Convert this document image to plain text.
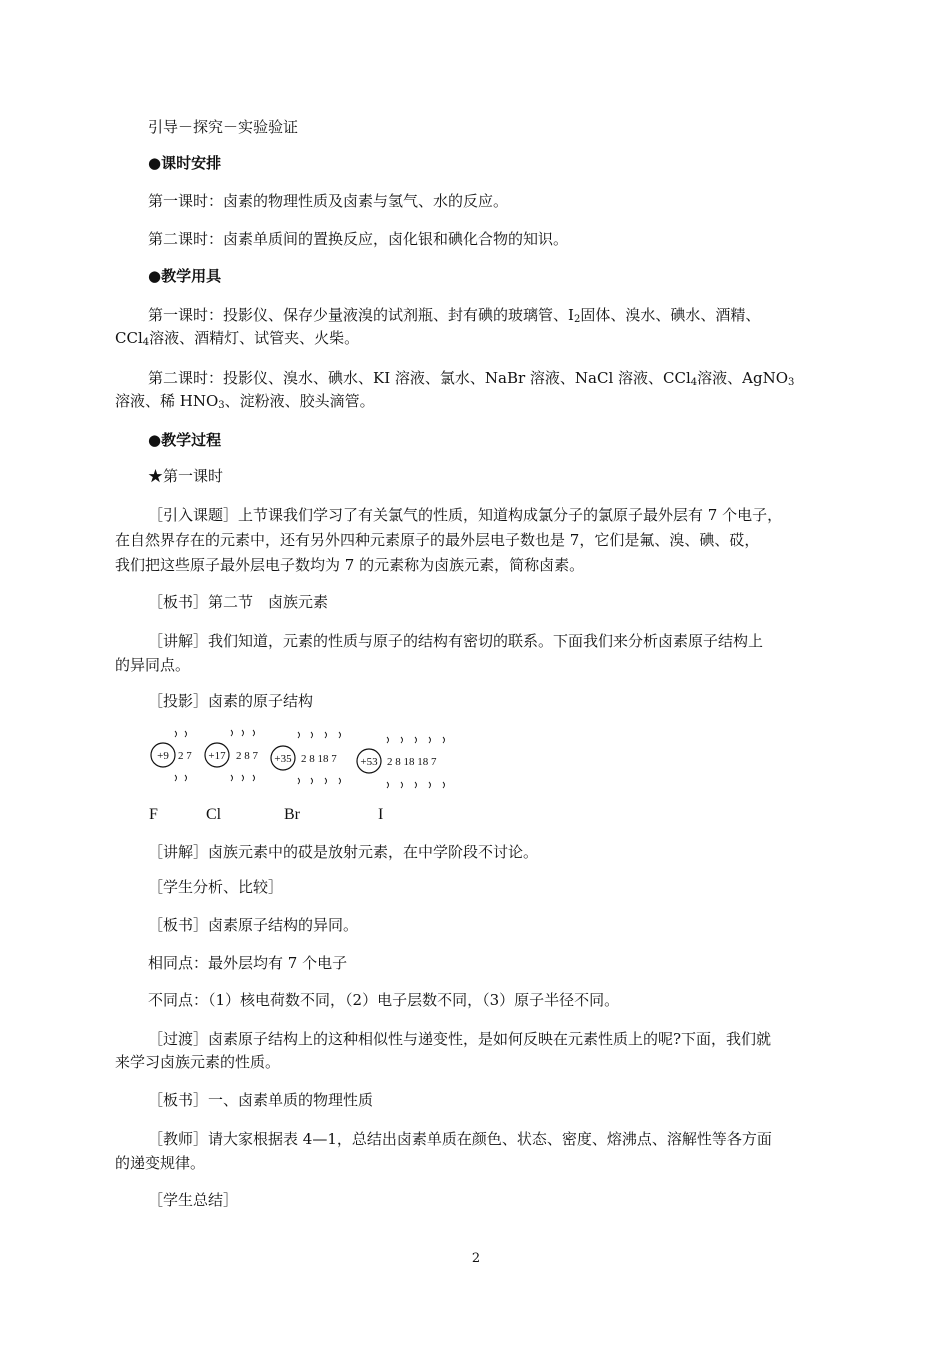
引导－探究－实验验证
●课时安排
第一课时：卤素的物理性质及卤素与氢气、水的反应。
第二课时：卤素单质间的置换反应，卤化银和碘化合物的知识。
●教学用具
第一课时：投影仪、保存少量液溴的试剂瓶、封有碘的玻璃管、$I_2$固体、溴水、碘水、酒精、
CCl$_4$溶液、酒精灯、试管夹、火柴。
第二课时：投影仪、溴水、碘水、KI 溶液、氯水、NaBr 溶液、NaCl 溶液、CCl$_4$溶液、AgNO$_3$
溶液、稀 $HNO_3$、淀粉液、胶头滴管。
●教学过程
★第一课时
［引入课题］上节课我们学习了有关氯气的性质，知道构成氯分子的氯原子最外层有 7 个电子，
在自然界存在的元素中，还有另外四种元素原子的最外层电子数也是 7，它们是氟、溴、碘、砹，
我们把这些原子最外层电子数均为 7 的元素称为卤族元素，简称卤素。
［板书］第二节　卤族元素
［讲解］我们知道，元素的性质与原子的结构有密切的联系。下面我们来分析卤素原子结构上
的异同点。
［投影］卤素的原子结构
+9 2 7 +17 2 8 7 +35 2 8 18 7 +53 2 8 18 18 7
F	Cl	Br	I
［讲解］卤族元素中的砹是放射元素，在中学阶段不讨论。
［学生分析、比较］
［板书］卤素原子结构的异同。
相同点：最外层均有 7 个电子
不同点：（1）核电荷数不同，（2）电子层数不同，（3）原子半径不同。
［过渡］卤素原子结构上的这种相似性与递变性，是如何反映在元素性质上的呢?下面，我们就
来学习卤族元素的性质。
［板书］一、卤素单质的物理性质
［教师］请大家根据表 4—1，总结出卤素单质在颜色、状态、密度、熔沸点、溶解性等各方面
的递变规律。
［学生总结］
2
